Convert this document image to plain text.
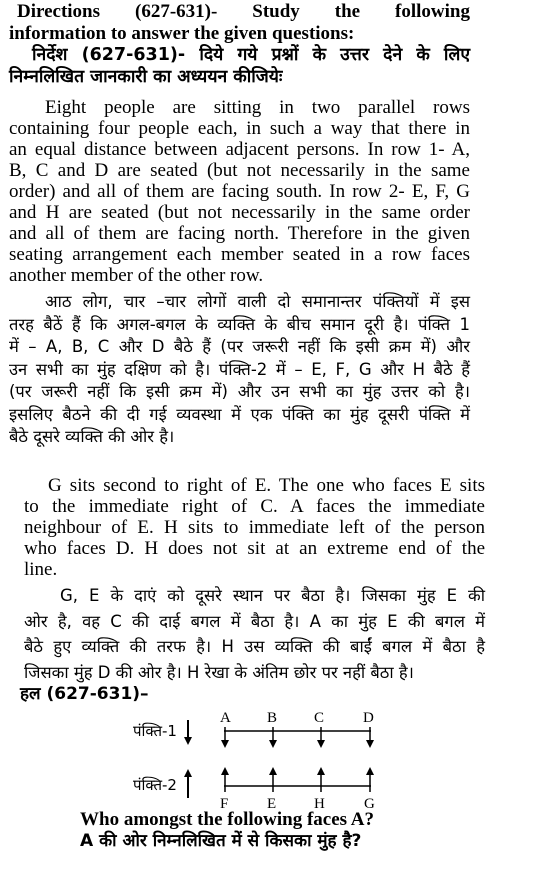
Directions (627-631)- Study the following
information to answer the given questions:
निर्देश (627-631)- दिये गये प्रश्नों के उत्तर देने के लिए
निम्नलिखित जानकारी का अध्ययन कीजियेः
Eight people are sitting in two parallel rows
containing four people each, in such a way that there in
an equal distance between adjacent persons. In row 1- A,
B, C and D are seated (but not necessarily in the same
order) and all of them are facing south. In row 2- E, F, G
and H are seated (but not necessarily in the same order
and all of them are facing north. Therefore in the given
seating arrangement each member seated in a row faces
another member of the other row.
आठ लोग, चार –चार लोगों वाली दो समानान्तर पंक्तियों में इस
तरह बैठें हैं कि अगल-बगल के व्यक्ति के बीच समान दूरी है। पंक्ति 1
में – A, B, C और D बैठे हैं (पर जरूरी नहीं कि इसी क्रम में) और
उन सभी का मुंह दक्षिण को है। पंक्ति-2 में – E, F, G और H बैठे हैं
(पर जरूरी नहीं कि इसी क्रम में) और उन सभी का मुंह उत्तर को है।
इसलिए बैठने की दी गई व्यवस्था में एक पंक्ति का मुंह दूसरी पंक्ति में
बैठे दूसरे व्यक्ति की ओर है।
G sits second to right of E. The one who faces E sits
to the immediate right of C. A faces the immediate
neighbour of E. H sits to immediate left of the person
who faces D. H does not sit at an extreme end of the
line.
G, E के दाएं को दूसरे स्थान पर बैठा है। जिसका मुंह E की
ओर है, वह C की दाई बगल में बैठा है। A का मुंह E की बगल में
बैठे हुए व्यक्ति की तरफ है। H उस व्यक्ति की बाईं बगल में बैठा है
जिसका मुंह D की ओर है। H रेखा के अंतिम छोर पर नहीं बैठा है।
हल (627-631)–
पंक्ति-1
A B C	D
पंक्ति-2
F	E	H	G
Who amongst the following faces A?
A की ओर निम्नलिखित में से किसका मुंह है?
